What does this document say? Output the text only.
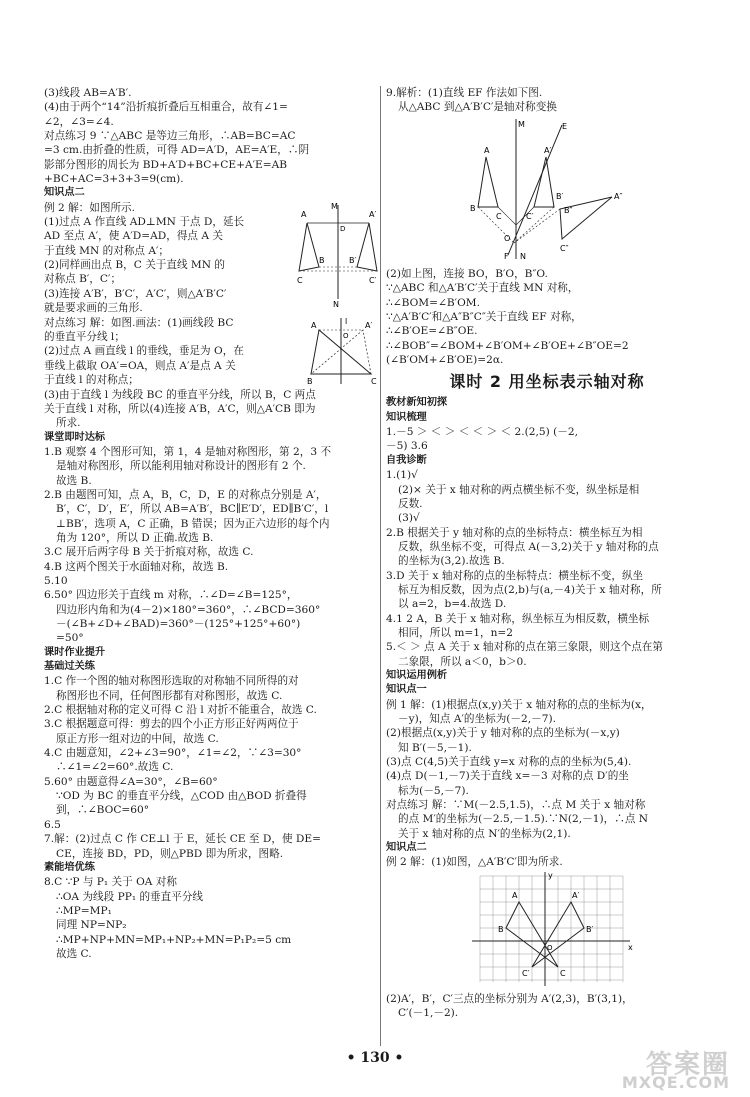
(3)线段 AB=A′B′.
(4)由于两个“14”沿折痕折叠后互相重合，故有∠1=
∠2，∠3=∠4.
对点练习 9 ∵△ABC 是等边三角形，∴AB=BC=AC
=3 cm.由折叠的性质，可得 AD=A′D，AE=A′E，∴阴
影部分图形的周长为 BD+A′D+BC+CE+A′E=AB
+BC+AC=3+3+3=9(cm).
知识点二
例 2 解：如图所示.
(1)过点 A 作直线 AD⊥MN 于点 D，延长
AD 至点 A′，使 A′D=AD，得点 A 关
于直线 MN 的对称点 A′；
(2)同样画出点 B，C 关于直线 MN 的
对称点 B′，C′；
(3)连接 A′B′，B′C′，A′C′，则△A′B′C′
就是要求画的三角形.
A	A′
M
D
B	B′
C	C′
N
对点练习 解：如图.画法：(1)画线段 BC
的垂直平分线 l；
(2)过点 A 画直线 l 的垂线，垂足为 O，在
垂线上截取 OA′=OA，则点 A′是点 A 关
于直线 l 的对称点；
l
A	A′
O
B	C
(3)由于直线 l 为线段 BC 的垂直平分线，所以 B，C 两点
关于直线 l 对称，所以(4)连接 A′B，A′C，则△A′CB 即为
所求.
课堂即时达标
1.B 观察 4 个图形可知，第 1，4 是轴对称图形，第 2，3 不
是轴对称图形，所以能利用轴对称设计的图形有 2 个.
故选 B.
2.B 由题图可知，点 A，B，C，D，E 的对称点分别是 A′，
B′，C′，D′，E′，所以 AB=A′B′，BC∥E′D′，ED∥B′C′，l
⊥BB′，选项 A，C 正确，B 错误；因为正六边形的每个内
角为 120°，所以 D 正确.故选 B.
3.C 展开后两字母 B 关于折痕对称，故选 C.
4.B 这两个图关于水面轴对称，故选 B.
5.10
6.50° 四边形关于直线 m 对称，∴∠D=∠B=125°，
四边形内角和为(4－2)×180°=360°，∴∠BCD=360°
－(∠B+∠D+∠BAD)=360°－(125°+125°+60°)
=50°
课时作业提升
基础过关练
1.C 作一个图的轴对称图形选取的对称轴不同所得的对
称图形也不同，任何图形都有对称图形，故选 C.
2.C 根据轴对称的定义可得 C 沿 l 对折不能重合，故选 C.
3.C 根据题意可得：剪去的四个小正方形正好两两位于
原正方形一组对边的中间，故选 C.
4.C 由题意知，∠2+∠3=90°，∠1=∠2，∵∠3=30°
∴∠1=∠2=60°.故选 C.
5.60° 由题意得∠A=30°，∠B=60°
∵OD 为 BC 的垂直平分线，△COD 由△BOD 折叠得
到，∴∠BOC=60°
6.5
7.解：(2)过点 C 作 CE⊥l 于 E，延长 CE 至 D，使 DE=
CE，连接 BD，PD，则△PBD 即为所求，图略.
素能培优练
8.C ∵P 与 P₁ 关于 OA 对称
∴OA 为线段 PP₁ 的垂直平分线
∴MP=MP₁
同理 NP=NP₂
∴MP+NP+MN=MP₁+NP₂+MN=P₁P₂=5 cm
故选 C.
9.解析：(1)直线 EF 作法如下图.
从△ABC 到△A′B′C′是轴对称变换
A
B
C
M	E
A′
B′
C′
A″
B″
C″
O
F N
(2)如上图，连接 BO，B′O，B″O.
∵△ABC 和△A′B′C′关于直线 MN 对称，
∴∠BOM=∠B′OM.
∵△A′B′C′和△A″B″C″关于直线 EF 对称，
∴∠B′OE=∠B″OE.
∴∠BOB″=∠BOM+∠B′OM+∠B′OE+∠B″OE=2
(∠B′OM+∠B′OE)=2α.
课时 2 用坐标表示轴对称
教材新知初探
知识梳理
1.－5 ＞ ＜ ＞ ＜ ＜ ＞ ＜ 2.(2,5) (－2,
－5) 3.6
自我诊断
1.(1)√
(2)× 关于 x 轴对称的两点横坐标不变，纵坐标是相
反数.
(3)√
2.B 根据关于 y 轴对称的点的坐标特点：横坐标互为相
反数，纵坐标不变，可得点 A(－3,2)关于 y 轴对称的点
的坐标为(3,2).故选 B.
3.D 关于 x 轴对称的点的坐标特点：横坐标不变，纵坐
标互为相反数，因为点(2,b)与(a,－4)关于 x 轴对称，所
以 a=2，b=4.故选 D.
4.1 2 A，B 关于 x 轴对称，纵坐标互为相反数，横坐标
相同，所以 m=1，n=2
5.＜ ＞ 点 A 关于 x 轴对称的点在第三象限，则这个点在第
二象限，所以 a＜0，b＞0.
知识运用例析
知识点一
例 1 解：(1)根据点(x,y)关于 x 轴对称的点的坐标为(x，
－y)，知点 A′的坐标为(－2,－7).
(2)根据点(x,y)关于 y 轴对称的点的坐标为(－x,y)
知 B′(－5,－1).
(3)点 C(4,5)关于直线 y=x 对称的点的坐标为(5,4).
(4)点 D(－1,－7)关于直线 x=－3 对称的点 D′的坐
标为(－5,－7).
对点练习 解：∵M(－2.5,1.5)，∴点 M 关于 x 轴对称
的点 M′的坐标为(－2.5,－1.5).∵N(2,－1)，∴点 N
关于 x 轴对称的点 N′的坐标为(2,1).
知识点二
例 2 解：(1)如图，△A′B′C′即为所求.
y
x
A	A′
B	B′
C
C′
O
(2)A′，B′，C′三点的坐标分别为 A′(2,3)，B′(3,1)，
C′(－1,－2).
• 130 •	答案圈
MXQE.COM
